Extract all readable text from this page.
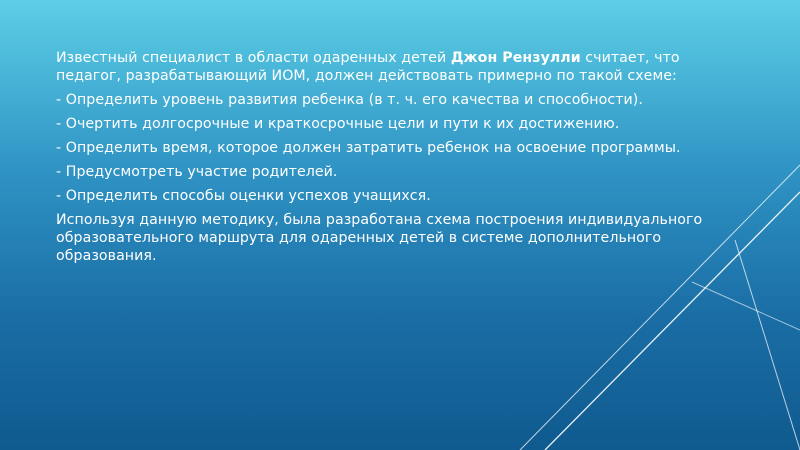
Известный специалист в области одаренных детей Джон Рензулли считает, что педагог, разрабатывающий ИОМ, должен действовать примерно по такой схеме:

- Определить уровень развития ребенка (в т. ч. его качества и способности).

- Очертить долгосрочные и краткосрочные цели и пути к их достижению.

- Определить время, которое должен затратить ребенок на освоение программы.

- Предусмотреть участие родителей.

- Определить способы оценки успехов учащихся.

Используя данную методику, была разработана схема построения индивидуального образовательного маршрута для одаренных детей в системе дополнительного образования.
